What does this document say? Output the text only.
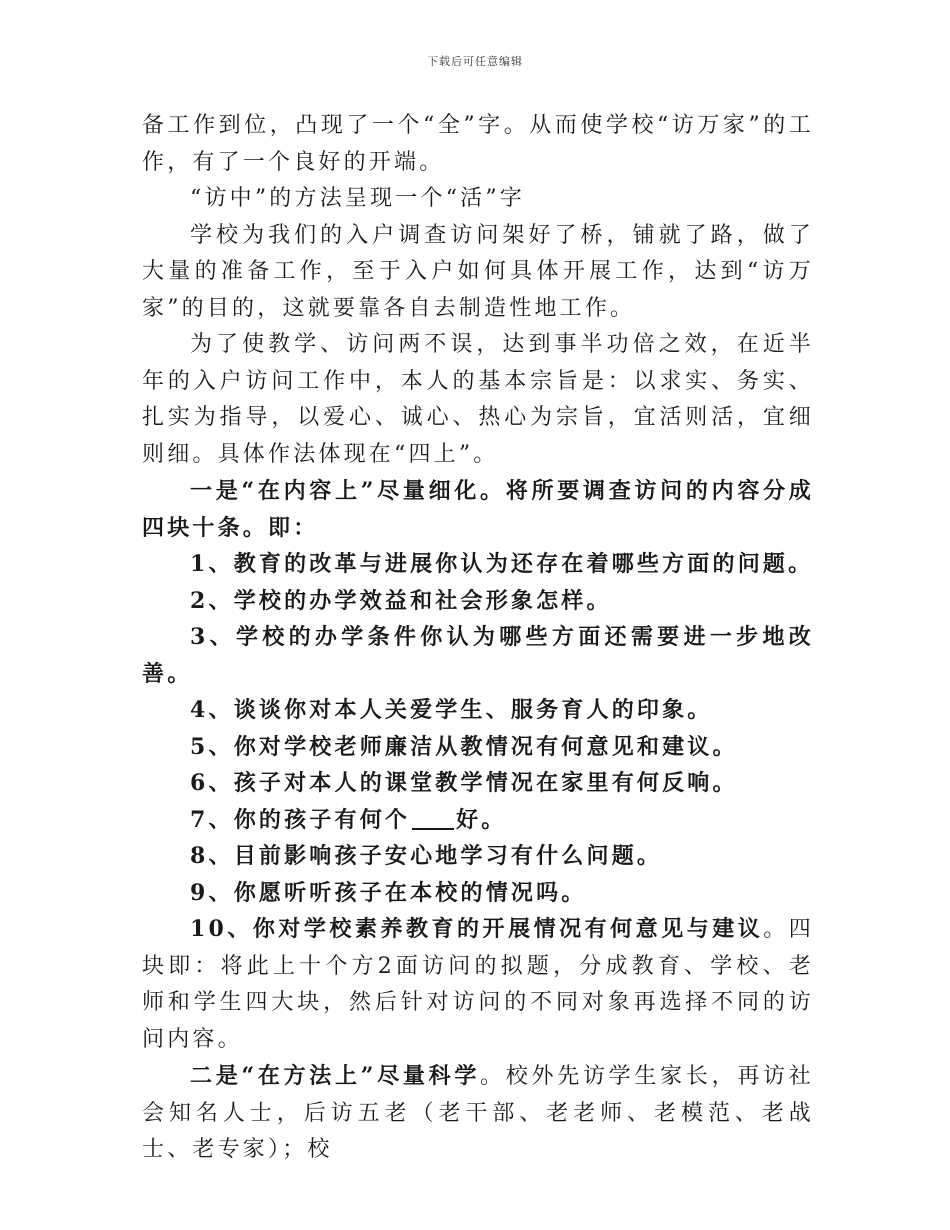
下载后可任意编辑

备工作到位，凸现了一个“全”字。从而使学校“访万家”的工作，有了一个良好的开端。

“访中”的方法呈现一个“活”字

学校为我们的入户调查访问架好了桥，铺就了路，做了大量的准备工作，至于入户如何具体开展工作，达到“访万家”的目的，这就要靠各自去制造性地工作。

为了使教学、访问两不误，达到事半功倍之效，在近半年的入户访问工作中，本人的基本宗旨是：以求实、务实、扎实为指导，以爱心、诚心、热心为宗旨，宜活则活，宜细则细。具体作法体现在“四上”。

一是“在内容上”尽量细化。将所要调查访问的内容分成四块十条。即：

1、教育的改革与进展你认为还存在着哪些方面的问题。

2、学校的办学效益和社会形象怎样。

3、学校的办学条件你认为哪些方面还需要进一步地改善。

4、谈谈你对本人关爱学生、服务育人的印象。

5、你对学校老师廉洁从教情况有何意见和建议。

6、孩子对本人的课堂教学情况在家里有何反响。

7、你的孩子有何个 好。

8、目前影响孩子安心地学习有什么问题。

9、你愿听听孩子在本校的情况吗。

10、你对学校素养教育的开展情况有何意见与建议。四块即：将此上十个方2面访问的拟题，分成教育、学校、老师和学生四大块，然后针对访问的不同对象再选择不同的访问内容。

二是“在方法上”尽量科学。校外先访学生家长，再访社会知名人士，后访五老（老干部、老老师、老模范、老战士、老专家）；校
